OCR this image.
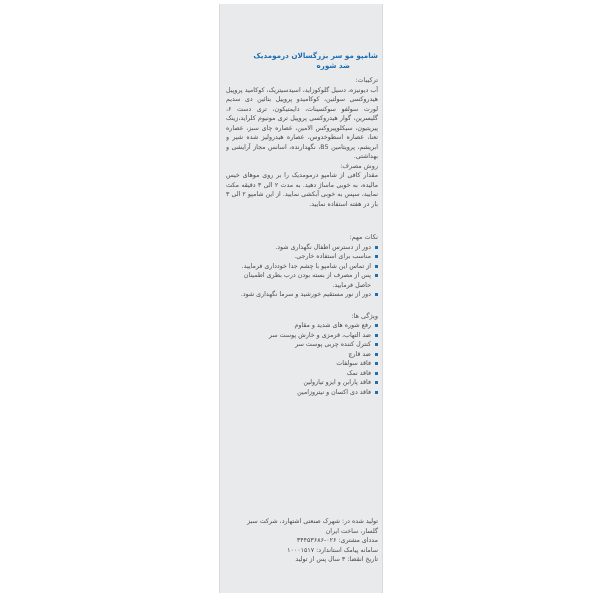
شامپو مو سر بزرگسالان درمومدیک
ضد شوره
ترکیبات:
آب دیونیزه، دسیل گلوکوزاید، اسیدسیتریک، کوکامید پروپیل هیدروکسی سولتین، کوکامیدو پروپیل بتائین دی سدیم لورت سولفو سوکسینات، دایمتیکون، تری دست ۶، گلیسرین، گوار هیدروکسی پروپیل تری مونیوم کلراید،زینک پیریتیون، سیکلوپیروکس الامین، عصاره چای سبز، عصاره نعنا، عصاره اسطوخدوس، عصاره هیدرولیز شده شیر و ابریشم، پرویتامین B5، نگهدارنده، اسانس مجاز آرایشی و بهداشتی.
روش مصرف:
مقدار کافی از شامپو درمومدیک را بر روی موهای خیس مالیده، به خوبی ماساژ دهید. به مدت ۲ الی ۳ دقیقه مکث نمایید، سپس به خوبی آبکشی نمایید. از این شامپو ۲ الی ۳ بار در هفته استفاده نمایید.
نکات مهم:
دور از دسترس اطفال نگهداری شود.
مناسب برای استفاده خارجی.
از تماس این شامپو با چشم جدا خودداری فرمایید.
پس از مصرف از بسته بودن درب بطری اطمینان حاصل فرمایید.
دور از نور مستقیم خورشید و سرما نگهداری شود.
ویژگی ها:
رفع شوره های شدید و مقاوم
ضد التهاب، قرمزی و خارش پوست سر
کنترل کننده چربی پوست سر
ضد قارچ
فاقد سولفات
فاقد نمک
فاقد پارابن و ایزو تیازولین
فاقد دی اکسان و نیتروزامین
تولید شده در: شهرک صنعتی اشتهارد، شرکت سبز
گلسار، ساخت ایران
مددای مشتری: ۰۲۶-۳۴۴۵۳۶۸۶
سامانه پیامک استاندارد: ۱۰۰۰۱۵۱۷
تاریخ انقضا: ۳ سال پس از تولید
